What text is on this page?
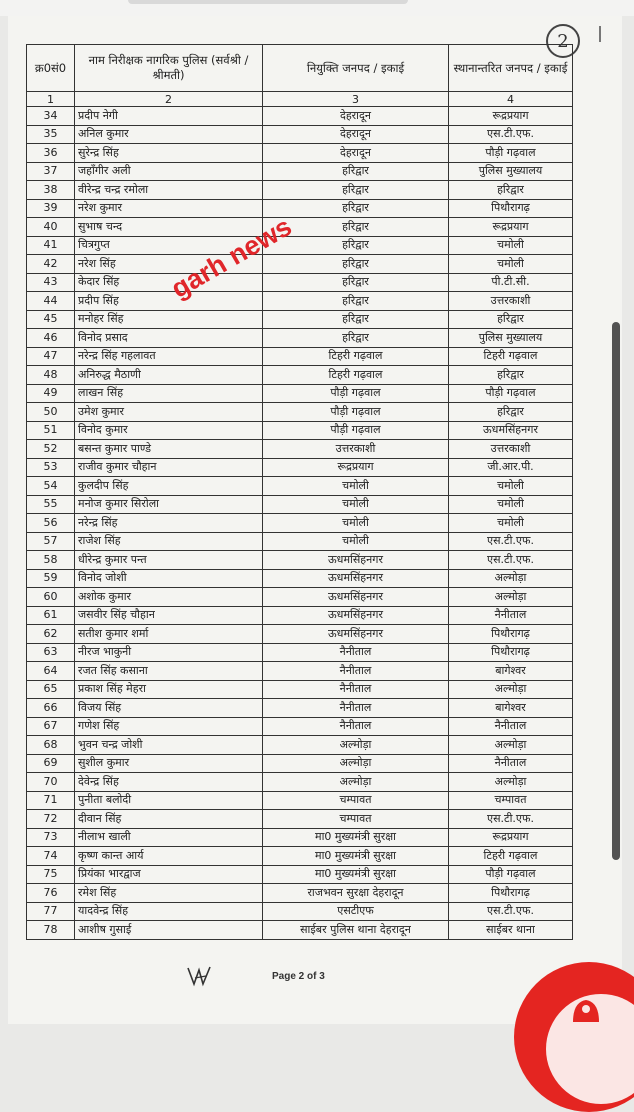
2
क्र0सं0	नाम निरीक्षक नागरिक पुलिस (सर्वश्री / श्रीमती)	नियुक्ति जनपद / इकाई	स्थानान्तरित जनपद / इकाई
1	2	3	4
34	प्रदीप नेगी	देहरादून	रूद्रप्रयाग
35	अनिल कुमार	देहरादून	एस.टी.एफ.
36	सुरेन्द्र सिंह	देहरादून	पौड़ी गढ़वाल
37	जहाँगीर अली	हरिद्वार	पुलिस मुख्यालय
38	वीरेन्द्र चन्द्र रमोला	हरिद्वार	हरिद्वार
39	नरेश कुमार	हरिद्वार	पिथौरागढ़
40	सुभाष चन्द	हरिद्वार	रूद्रप्रयाग
41	चित्रगुप्त	हरिद्वार	चमोली
42	नरेश सिंह	हरिद्वार	चमोली
43	केदार सिंह	हरिद्वार	पी.टी.सी.
44	प्रदीप सिंह	हरिद्वार	उत्तरकाशी
45	मनोहर सिंह	हरिद्वार	हरिद्वार
46	विनोद प्रसाद	हरिद्वार	पुलिस मुख्यालय
47	नरेन्द्र सिंह गहलावत	टिहरी गढ़वाल	टिहरी गढ़वाल
48	अनिरुद्ध मैठाणी	टिहरी गढ़वाल	हरिद्वार
49	लाखन सिंह	पौड़ी गढ़वाल	पौड़ी गढ़वाल
50	उमेश कुमार	पौड़ी गढ़वाल	हरिद्वार
51	विनोद कुमार	पौड़ी गढ़वाल	ऊधमसिंहनगर
52	बसन्त कुमार पाण्डे	उत्तरकाशी	उत्तरकाशी
53	राजीव कुमार चौहान	रूद्रप्रयाग	जी.आर.पी.
54	कुलदीप सिंह	चमोली	चमोली
55	मनोज कुमार सिरोला	चमोली	चमोली
56	नरेन्द्र सिंह	चमोली	चमोली
57	राजेश सिंह	चमोली	एस.टी.एफ.
58	धीरेन्द्र कुमार पन्त	ऊधमसिंहनगर	एस.टी.एफ.
59	विनोद जोशी	ऊधमसिंहनगर	अल्मोड़ा
60	अशोक कुमार	ऊधमसिंहनगर	अल्मोड़ा
61	जसवीर सिंह चौहान	ऊधमसिंहनगर	नैनीताल
62	सतीश कुमार शर्मा	ऊधमसिंहनगर	पिथौरागढ़
63	नीरज भाकुनी	नैनीताल	पिथौरागढ़
64	रजत सिंह कसाना	नैनीताल	बागेश्वर
65	प्रकाश सिंह मेहरा	नैनीताल	अल्मोड़ा
66	विजय सिंह	नैनीताल	बागेश्वर
67	गणेश सिंह	नैनीताल	नैनीताल
68	भुवन चन्द्र जोशी	अल्मोड़ा	अल्मोड़ा
69	सुशील कुमार	अल्मोड़ा	नैनीताल
70	देवेन्द्र सिंह	अल्मोड़ा	अल्मोड़ा
71	पुनीता बलोदी	चम्पावत	चम्पावत
72	दीवान सिंह	चम्पावत	एस.टी.एफ.
73	नीलाभ खाली	मा0 मुख्यमंत्री सुरक्षा	रूद्रप्रयाग
74	कृष्ण कान्त आर्य	मा0 मुख्यमंत्री सुरक्षा	टिहरी गढ़वाल
75	प्रियंका भारद्वाज	मा0 मुख्यमंत्री सुरक्षा	पौड़ी गढ़वाल
76	रमेश सिंह	राजभवन सुरक्षा देहरादून	पिथौरागढ़
77	यादवेन्द्र सिंह	एसटीएफ	एस.टी.एफ.
78	आशीष गुसाई	साईबर पुलिस थाना देहरादून	साईबर थाना
garh news
Page 2 of 3
